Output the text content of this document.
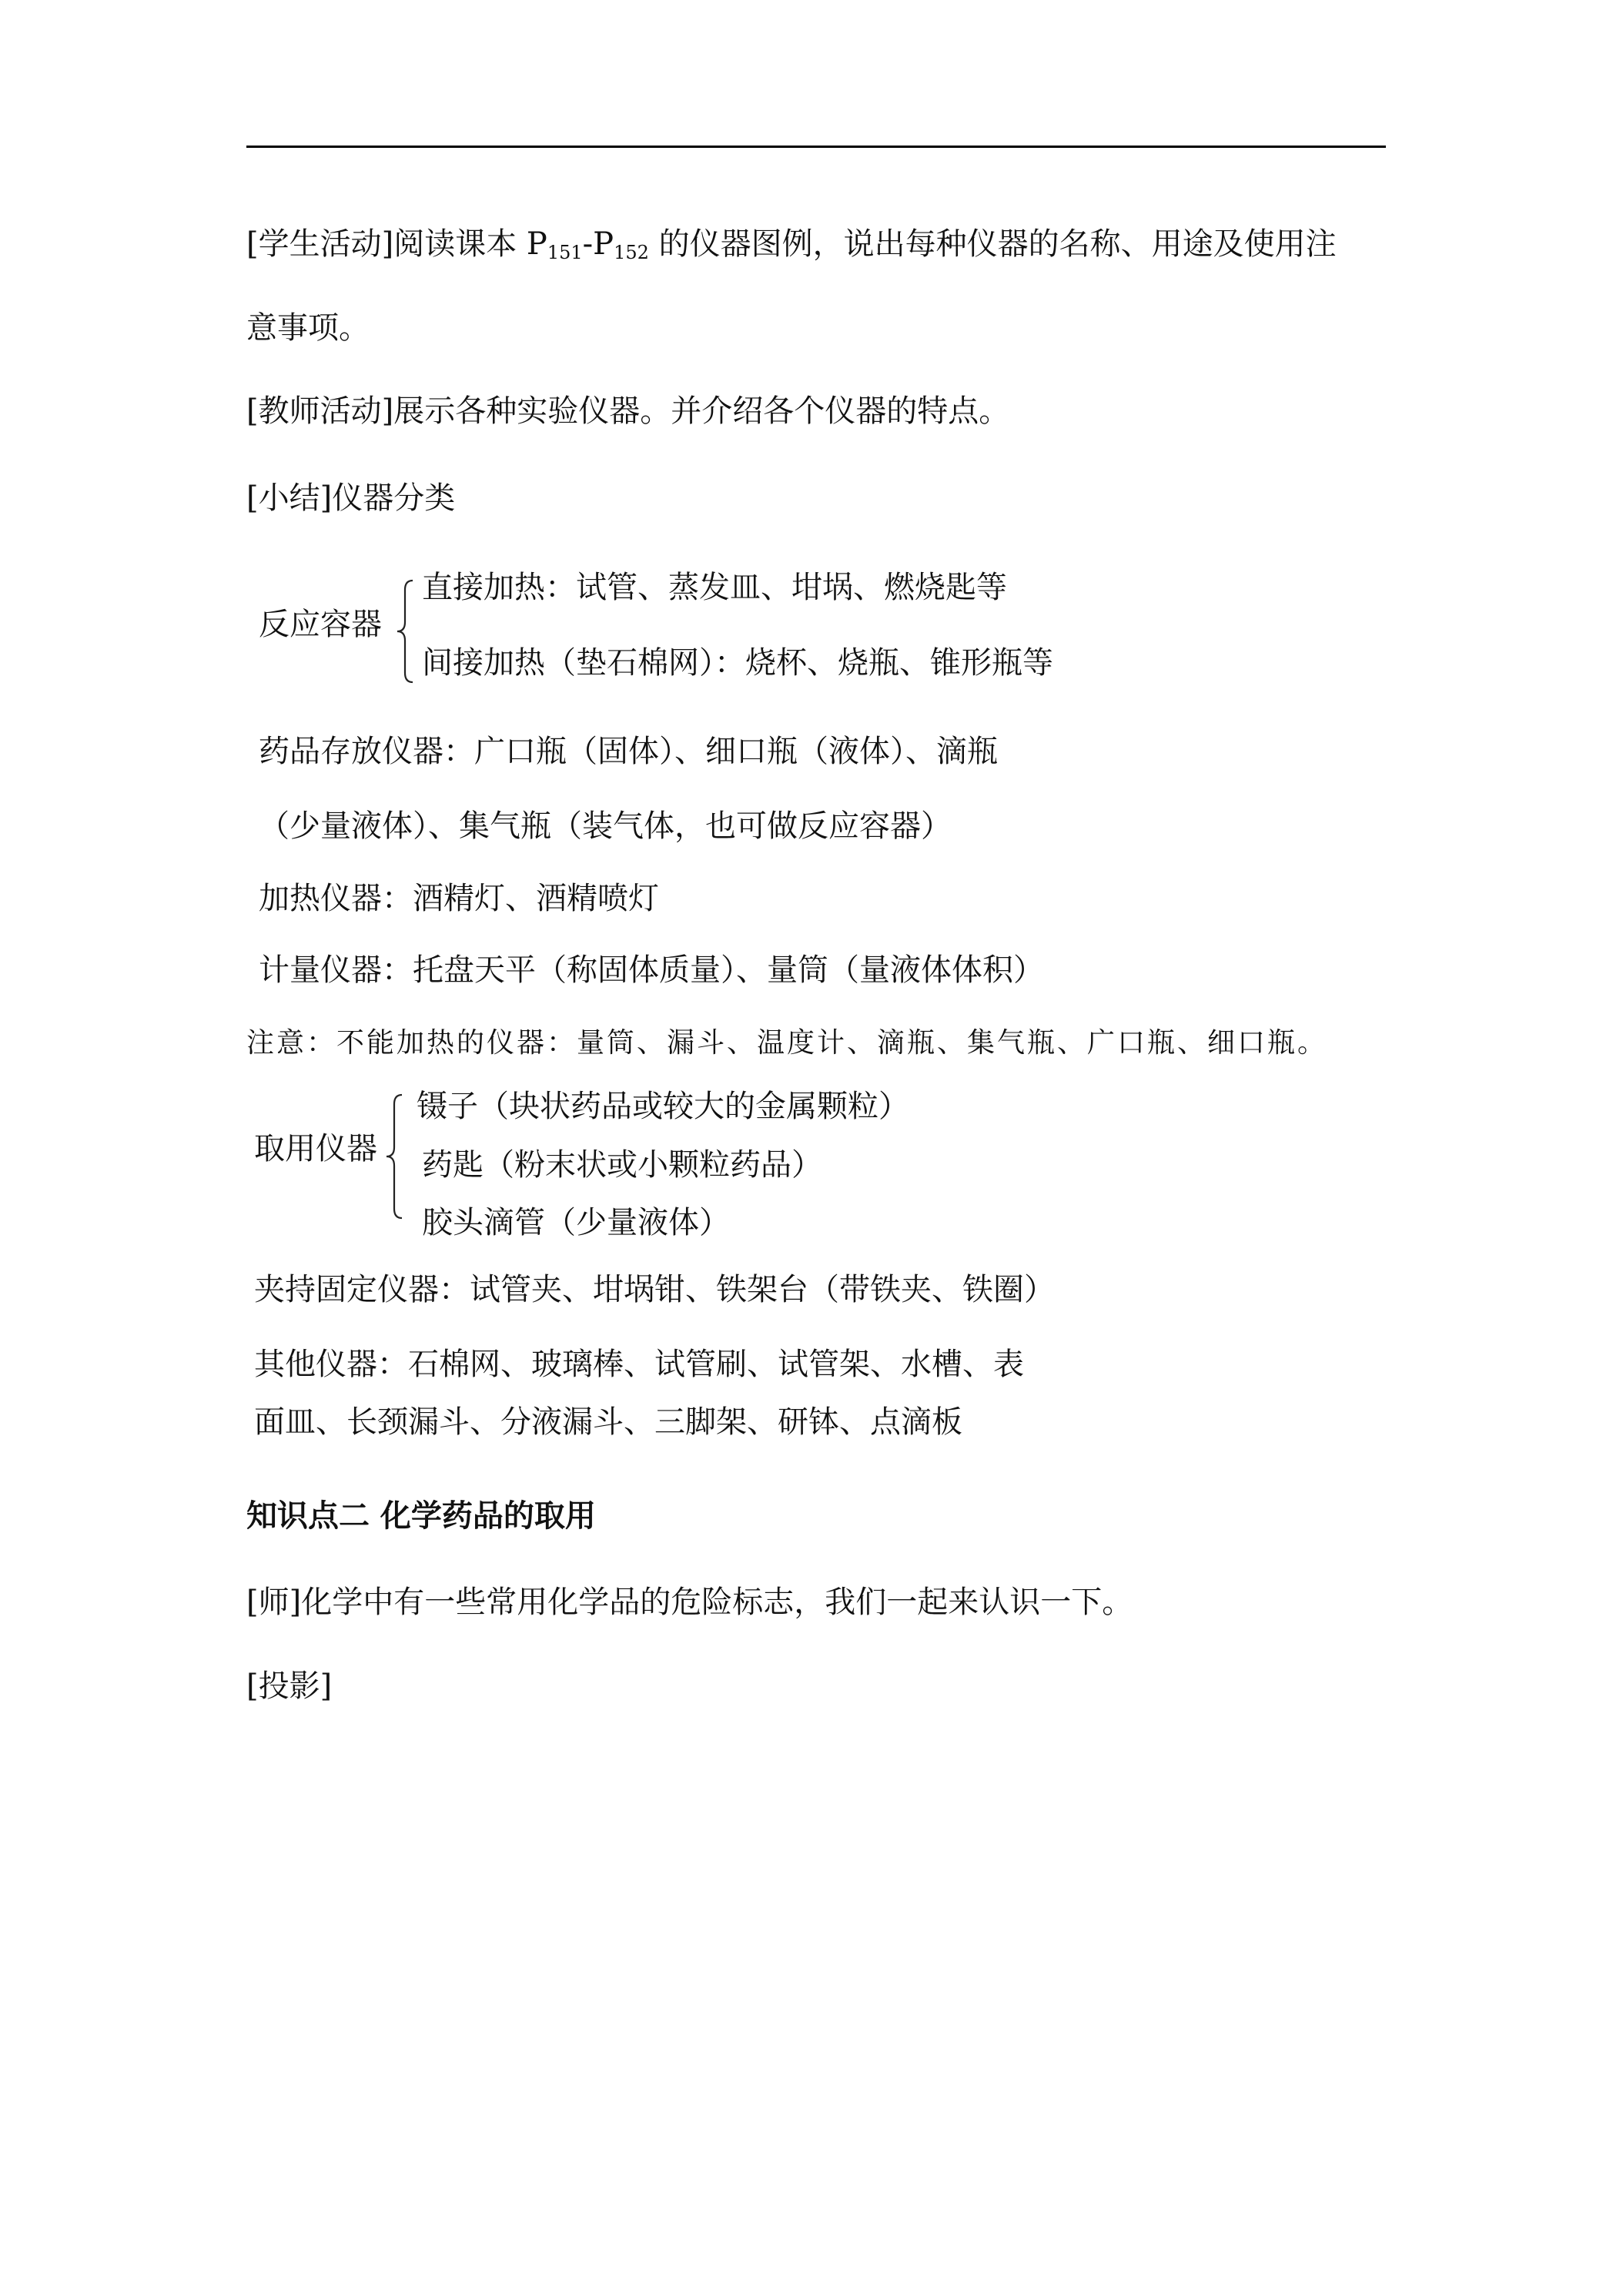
[学生活动]阅读课本 $P_{151}-P_{152}$ 的仪器图例，说出每种仪器的名称、用途及使用注
意事项。
[教师活动]展示各种实验仪器。并介绍各个仪器的特点。
[小结]仪器分类
反应容器
直接加热：试管、蒸发皿、坩埚、燃烧匙等
间接加热（垫石棉网）：烧杯、烧瓶、锥形瓶等
药品存放仪器：广口瓶（固体）、细口瓶（液体）、滴瓶
（少量液体）、集气瓶（装气体，也可做反应容器）
加热仪器：酒精灯、酒精喷灯
计量仪器：托盘天平（称固体质量）、量筒（量液体体积）
注意：不能加热的仪器：量筒、漏斗、温度计、滴瓶、集气瓶、广口瓶、细口瓶。
取用仪器
镊子（块状药品或较大的金属颗粒）
药匙（粉末状或小颗粒药品）
胶头滴管（少量液体）
夹持固定仪器：试管夹、坩埚钳、铁架台（带铁夹、铁圈）
其他仪器：石棉网、玻璃棒、试管刷、试管架、水槽、表
面皿、长颈漏斗、分液漏斗、三脚架、研钵、点滴板
知识点二 化学药品的取用
[师]化学中有一些常用化学品的危险标志，我们一起来认识一下。
[投影]
